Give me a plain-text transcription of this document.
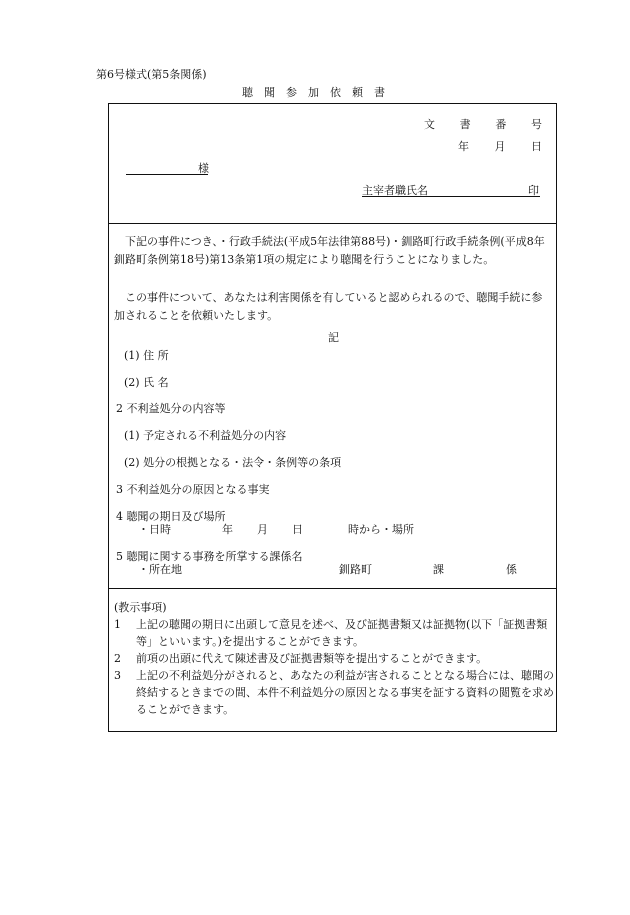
第6号様式(第5条関係)
聴聞参加依頼書
文 書 番 号
年 月 日
様
主宰者職氏名	印
下記の事件につき、・行政手続法(平成5年法律第88号)・釧路町行政手続条例(平成8年釧路町条例第18号)第13条第1項の規定により聴聞を行うことになりました。
この事件について、あなたは利害関係を有していると認められるので、聴聞手続に参加されることを依頼いたします。
記
(1) 住 所
(2) 氏 名
2 不利益処分の内容等
(1) 予定される不利益処分の内容
(2) 処分の根拠となる・法令・条例等の条項
3 不利益処分の原因となる事実
4 聴聞の期日及び場所
・日時	年 月 日	時から・場所
5 聴聞に関する事務を所掌する課係名
・所在地	釧路町	課	係
(教示事項)
1	上記の聴聞の期日に出頭して意見を述べ、及び証拠書類又は証拠物(以下「証拠書類等」といいます。)を提出することができます。
2	前項の出頭に代えて陳述書及び証拠書類等を提出することができます。
3	上記の不利益処分がされると、あなたの利益が害されることとなる場合には、聴聞の終結するときまでの間、本件不利益処分の原因となる事実を証する資料の閲覧を求めることができます。
